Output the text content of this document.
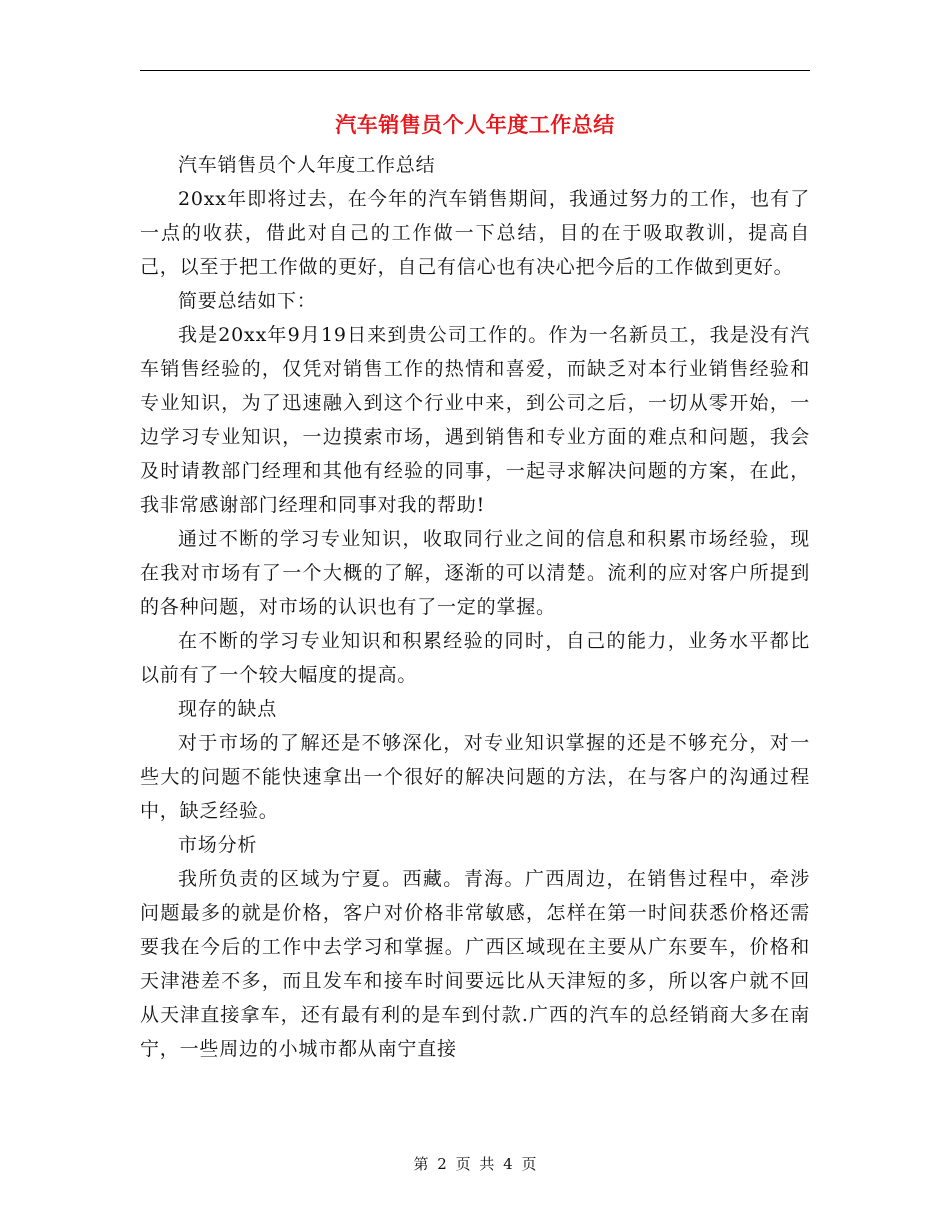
汽车销售员个人年度工作总结

汽车销售员个人年度工作总结

20xx年即将过去，在今年的汽车销售期间，我通过努力的工作，也有了一点的收获，借此对自己的工作做一下总结，目的在于吸取教训，提高自己，以至于把工作做的更好，自己有信心也有决心把今后的工作做到更好。

简要总结如下：

我是20xx年9月19日来到贵公司工作的。作为一名新员工，我是没有汽车销售经验的，仅凭对销售工作的热情和喜爱，而缺乏对本行业销售经验和专业知识，为了迅速融入到这个行业中来，到公司之后，一切从零开始，一边学习专业知识，一边摸索市场，遇到销售和专业方面的难点和问题，我会及时请教部门经理和其他有经验的同事，一起寻求解决问题的方案，在此，我非常感谢部门经理和同事对我的帮助!

通过不断的学习专业知识，收取同行业之间的信息和积累市场经验，现在我对市场有了一个大概的了解，逐渐的可以清楚。流利的应对客户所提到的各种问题，对市场的认识也有了一定的掌握。

在不断的学习专业知识和积累经验的同时，自己的能力，业务水平都比以前有了一个较大幅度的提高。

现存的缺点

对于市场的了解还是不够深化，对专业知识掌握的还是不够充分，对一些大的问题不能快速拿出一个很好的解决问题的方法，在与客户的沟通过程中，缺乏经验。

市场分析

我所负责的区域为宁夏。西藏。青海。广西周边，在销售过程中，牵涉问题最多的就是价格，客户对价格非常敏感，怎样在第一时间获悉价格还需要我在今后的工作中去学习和掌握。广西区域现在主要从广东要车，价格和天津港差不多，而且发车和接车时间要远比从天津短的多，所以客户就不回从天津直接拿车，还有最有利的是车到付款.广西的汽车的总经销商大多在南宁，一些周边的小城市都从南宁直接

第 2 页 共 4 页
